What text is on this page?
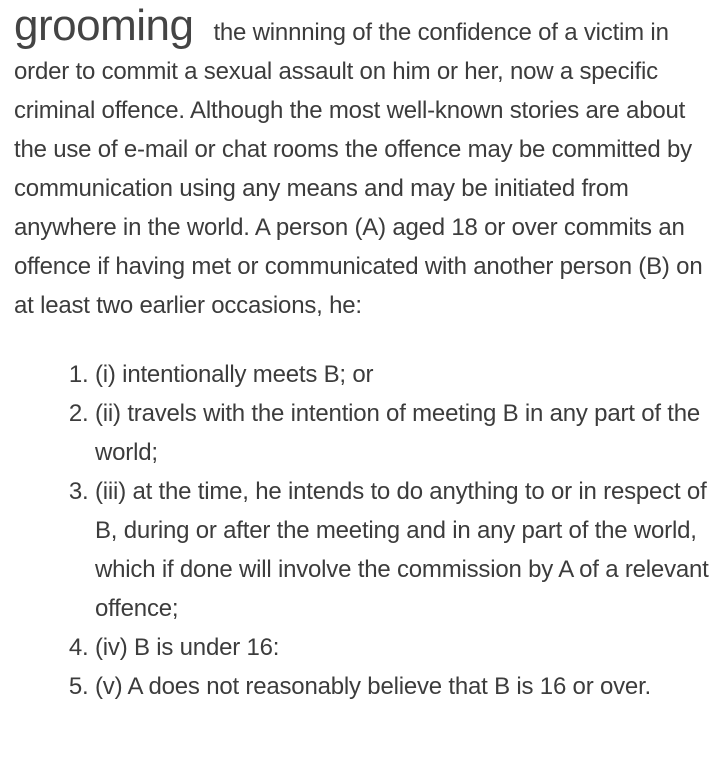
grooming the winnning of the confidence of a victim in order to commit a sexual assault on him or her, now a specific criminal offence. Although the most well-known stories are about the use of e-mail or chat rooms the offence may be committed by communication using any means and may be initiated from anywhere in the world. A person (A) aged 18 or over commits an offence if having met or communicated with another person (B) on at least two earlier occasions, he:

1. (i) intentionally meets B; or
2. (ii) travels with the intention of meeting B in any part of the world;
3. (iii) at the time, he intends to do anything to or in respect of B, during or after the meeting and in any part of the world, which if done will involve the commission by A of a relevant offence;
4. (iv) B is under 16:
5. (v) A does not reasonably believe that B is 16 or over.
